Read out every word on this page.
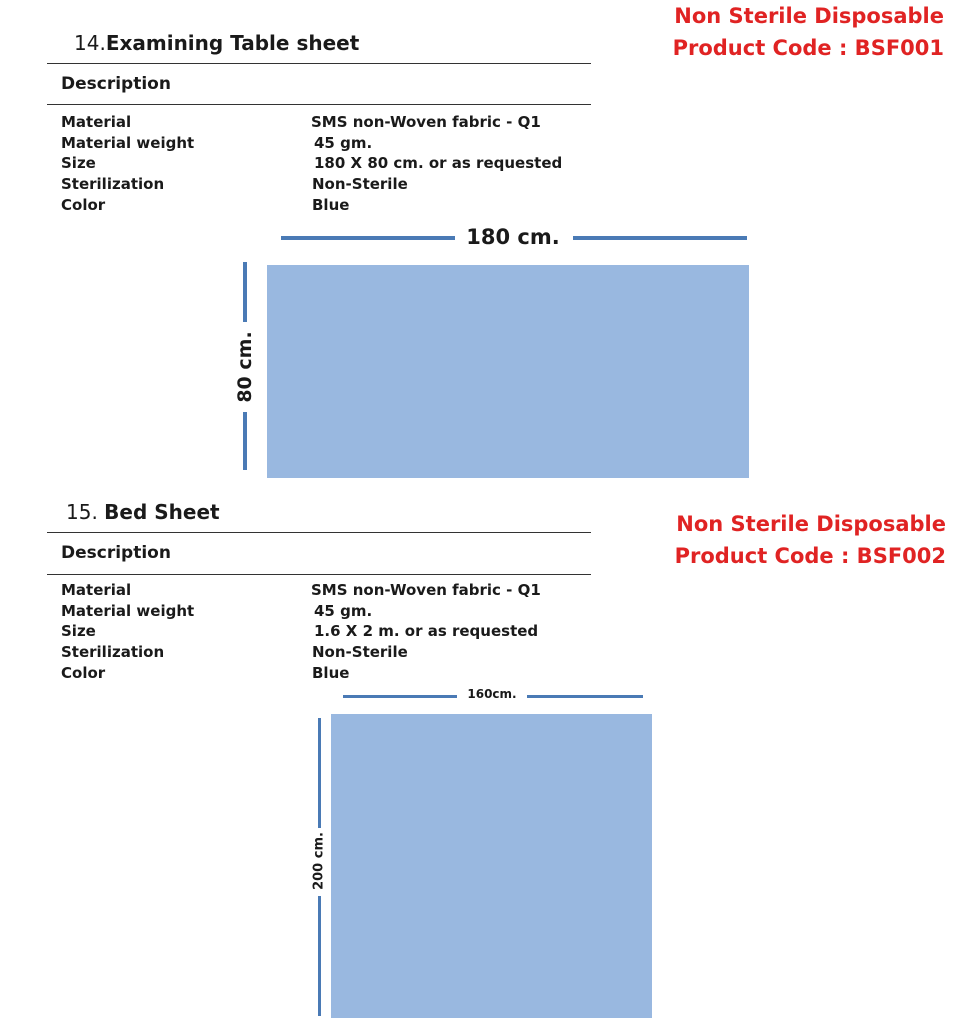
Non Sterile Disposable
Product Code : BSF001
14.Examining Table sheet
Description
Material	SMS non-Woven fabric - Q1
Material weight	45 gm.
Size	180 X 80 cm. or as requested
Sterilization	Non-Sterile
Color	Blue
180 cm.
80 cm.
Non Sterile Disposable
Product Code : BSF002
15. Bed Sheet
Description
Material	SMS non-Woven fabric - Q1
Material weight	45 gm.
Size	1.6 X 2 m. or as requested
Sterilization	Non-Sterile
Color	Blue
160cm.
200 cm.
